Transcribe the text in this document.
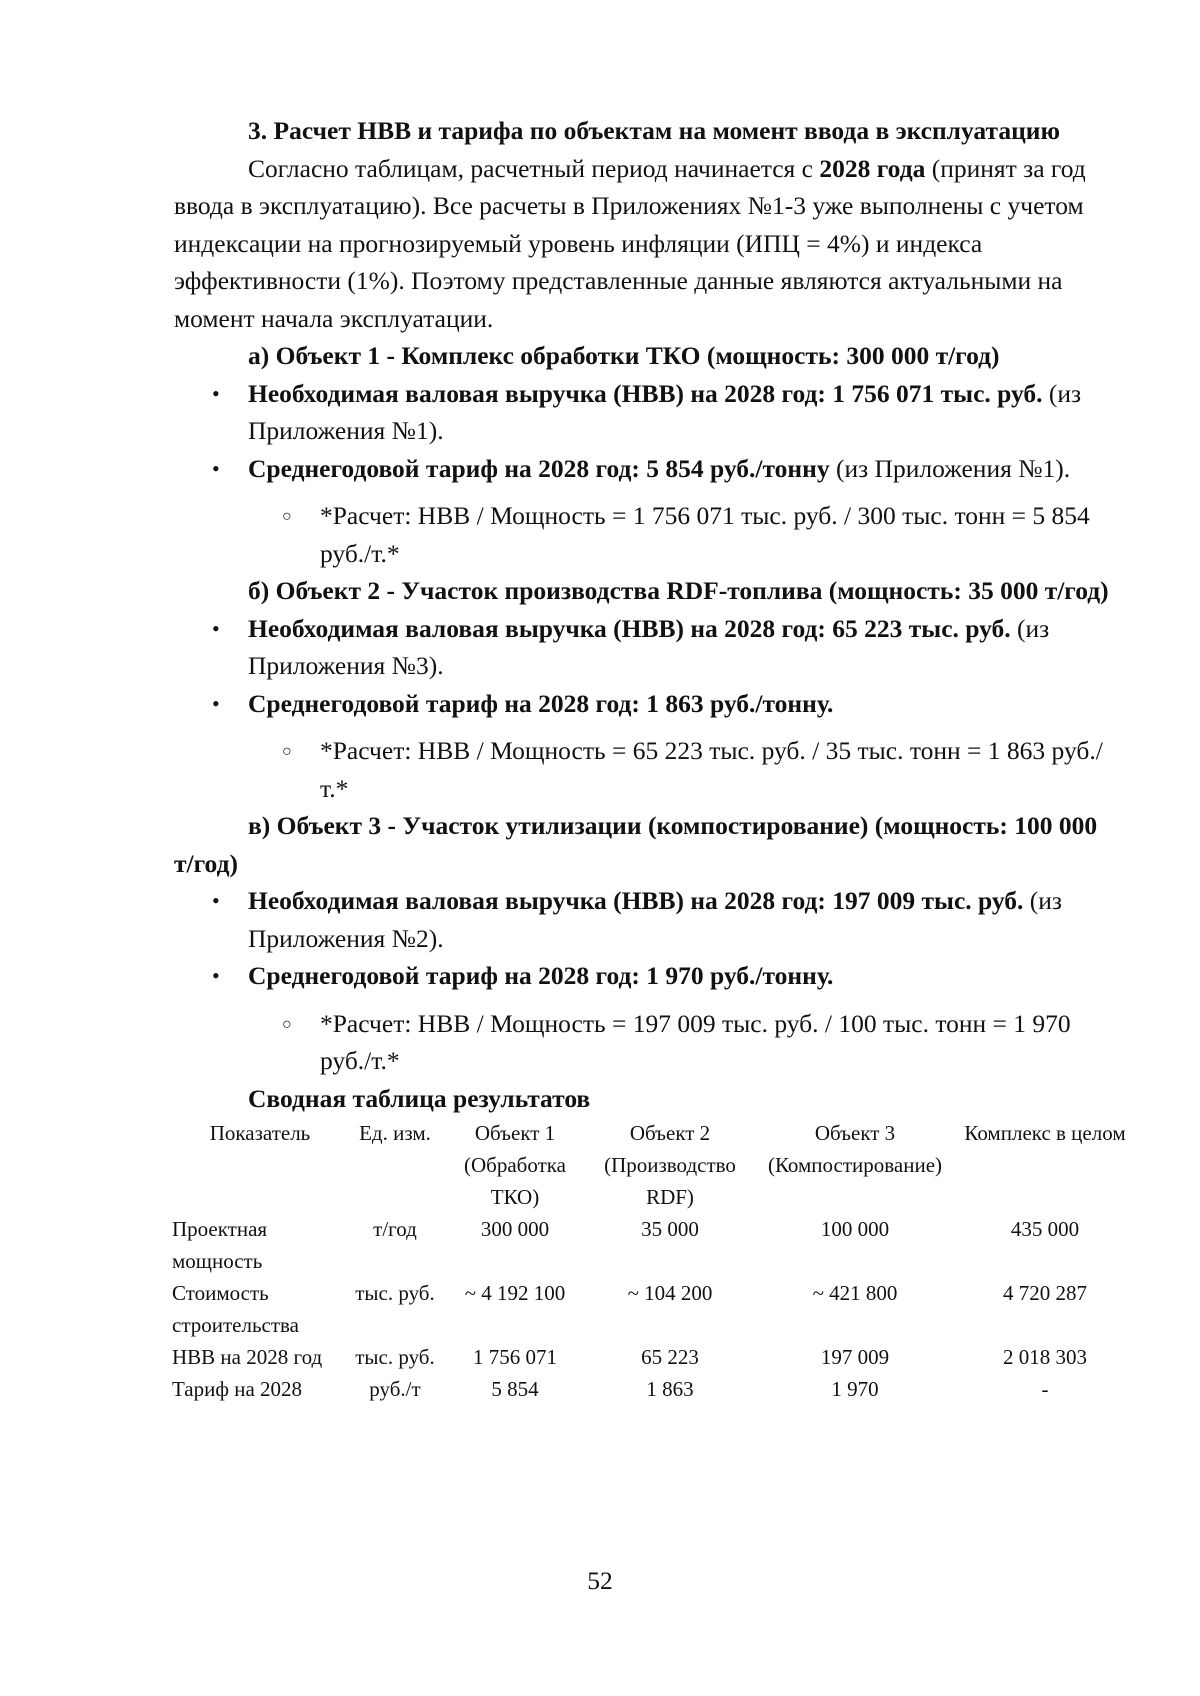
3. Расчет НВВ и тарифа по объектам на момент ввода в эксплуатацию

Согласно таблицам, расчетный период начинается с 2028 года (принят за год ввода в эксплуатацию). Все расчеты в Приложениях №1-3 уже выполнены с учетом индексации на прогнозируемый уровень инфляции (ИПЦ = 4%) и индекса эффективности (1%). Поэтому представленные данные являются актуальными на момент начала эксплуатации.

а) Объект 1 - Комплекс обработки ТКО (мощность: 300 000 т/год)

• Необходимая валовая выручка (НВВ) на 2028 год: 1 756 071 тыс. руб. (из Приложения №1).
• Среднегодовой тариф на 2028 год: 5 854 руб./тонну (из Приложения №1).
○ *Расчет: НВВ / Мощность = 1 756 071 тыс. руб. / 300 тыс. тонн = 5 854 руб./т.*

б) Объект 2 - Участок производства RDF-топлива (мощность: 35 000 т/год)

• Необходимая валовая выручка (НВВ) на 2028 год: 65 223 тыс. руб. (из Приложения №3).
• Среднегодовой тариф на 2028 год: 1 863 руб./тонну.
○ *Расчет: НВВ / Мощность = 65 223 тыс. руб. / 35 тыс. тонн = 1 863 руб./т.*

в) Объект 3 - Участок утилизации (компостирование) (мощность: 100 000 т/год)

• Необходимая валовая выручка (НВВ) на 2028 год: 197 009 тыс. руб. (из Приложения №2).
• Среднегодовой тариф на 2028 год: 1 970 руб./тонну.
○ *Расчет: НВВ / Мощность = 197 009 тыс. руб. / 100 тыс. тонн = 1 970 руб./т.*

Сводная таблица результатов

Показатель	Ед. изм.	Объект 1 (Обработка ТКО)	Объект 2 (Производство RDF)	Объект 3 (Компостирование)	Комплекс в целом
Проектная мощность	т/год	300 000	35 000	100 000	435 000
Стоимость строительства	тыс. руб.	~ 4 192 100	~ 104 200	~ 421 800	4 720 287
НВВ на 2028 год	тыс. руб.	1 756 071	65 223	197 009	2 018 303
Тариф на 2028	руб./т	5 854	1 863	1 970	-
52
